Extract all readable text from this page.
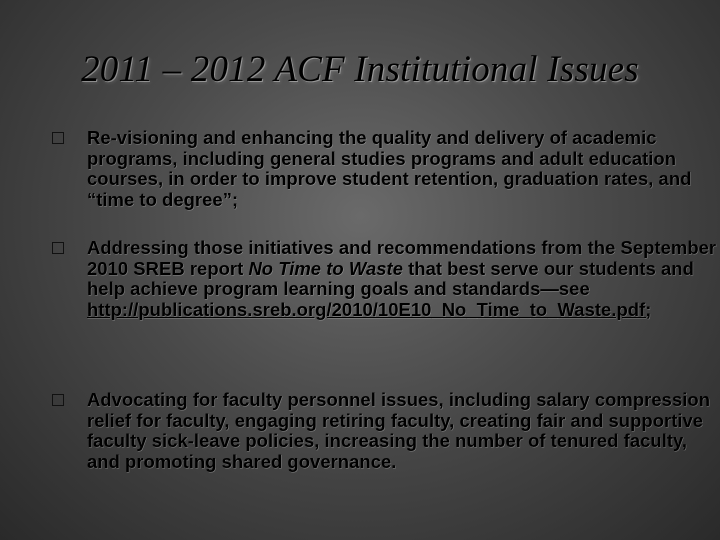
2011 – 2012 ACF Institutional Issues
Re-visioning and enhancing the quality and delivery of academic programs, including general studies programs and adult education courses, in order to improve student retention, graduation rates, and “time to degree”;
Addressing those initiatives and recommendations from the September 2010 SREB report No Time to Waste that best serve our students and help achieve program learning goals and standards—see
http://publications.sreb.org/2010/10E10_No_Time_to_Waste.pdf;
Advocating for faculty personnel issues, including salary compression relief for faculty, engaging retiring faculty, creating fair and supportive faculty sick-leave policies, increasing the number of tenured faculty, and promoting shared governance.
